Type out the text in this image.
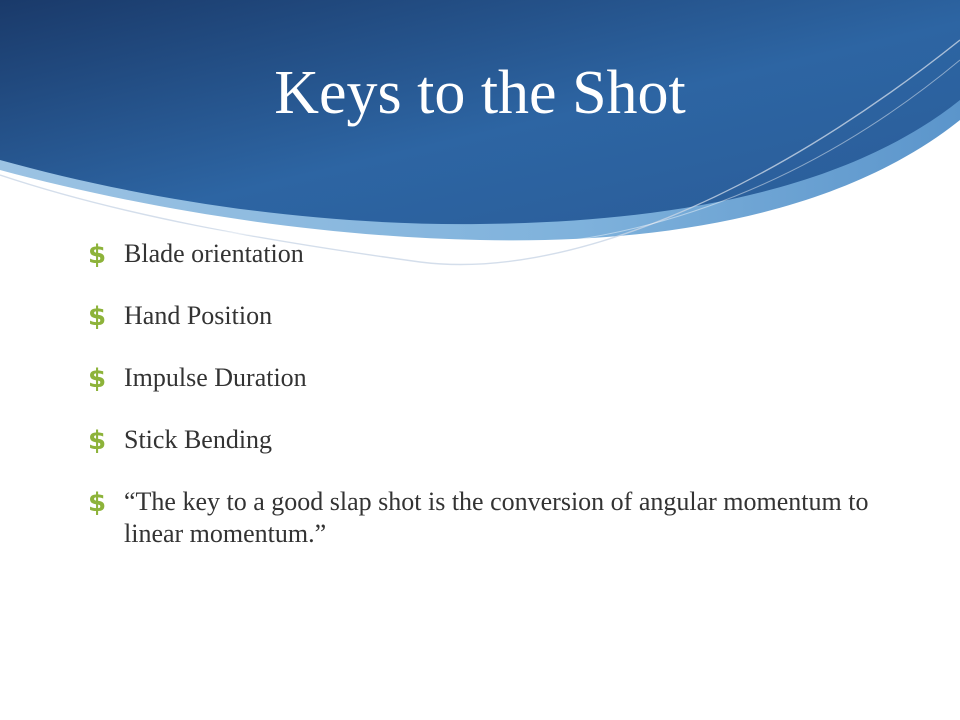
Keys to the Shot
$ Blade orientation
$ Hand Position
$ Impulse Duration
$ Stick Bending
$ “The key to a good slap shot is the conversion of angular momentum to linear momentum.”
